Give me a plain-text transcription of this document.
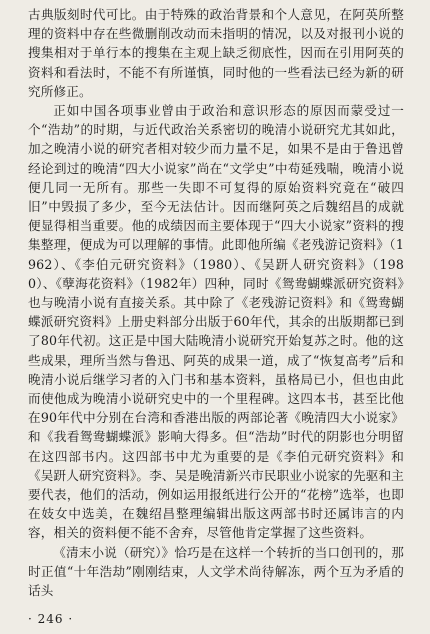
古典版刻时代可比。由于特殊的政治背景和个人意见，在阿英所整理的资料中存在些微删削改动而未指明的情况，以及对报刊小说的搜集相对于单行本的搜集在主观上缺乏彻底性，因而在引用阿英的资料和看法时，不能不有所谨慎，同时他的一些看法已经为新的研究所修正。

正如中国各项事业曾由于政治和意识形态的原因而蒙受过一个“浩劫”的时期，与近代政治关系密切的晚清小说研究尤其如此，加之晚清小说的研究者相对较少而力量不足，如果不是由于鲁迅曾经论到过的晚清“四大小说家”尚在“文学史”中苟延残喘，晚清小说便几同一无所有。那些一失即不可复得的原始资料究竟在“破四旧”中毁损了多少，至今无法估计。因而继阿英之后魏绍昌的成就便显得相当重要。他的成绩因而主要体现于“四大小说家”资料的搜集整理，便成为可以理解的事情。此即他所编《老残游记资料》（1962）、《李伯元研究资料》（1980）、《吴趼人研究资料》（1980）、《孽海花资料》（1982年）四种，同时《鸳鸯蝴蝶派研究资料》也与晚清小说有直接关系。其中除了《老残游记资料》和《鸳鸯蝴蝶派研究资料》上册史料部分出版于60年代，其余的出版期都已到了80年代初。这正是中国大陆晚清小说研究开始复苏之时。他的这些成果，理所当然与鲁迅、阿英的成果一道，成了“恢复高考”后和晚清小说后继学习者的入门书和基本资料，虽格局已小，但也由此而使他成为晚清小说研究史中的一个里程碑。这四本书，甚至比他在90年代中分别在台湾和香港出版的两部论著《晚清四大小说家》和《我看鸳鸯蝴蝶派》影响大得多。但“浩劫”时代的阴影也分明留在这四部书内。这四部书中尤为重要的是《李伯元研究资料》和《吴趼人研究资料》。李、吴是晚清新兴市民职业小说家的先驱和主要代表，他们的活动，例如运用报纸进行公开的“花榜”选举，也即在妓女中选美，在魏绍昌整理编辑出版这两部书时还属讳言的内容，相关的资料便不能不舍弃，尽管他肯定掌握了这些资料。

《清末小说（研究）》恰巧是在这样一个转折的当口创刊的，那时正值“十年浩劫”刚刚结束，人文学术尚待解冻，两个互为矛盾的话头

· 246 ·
